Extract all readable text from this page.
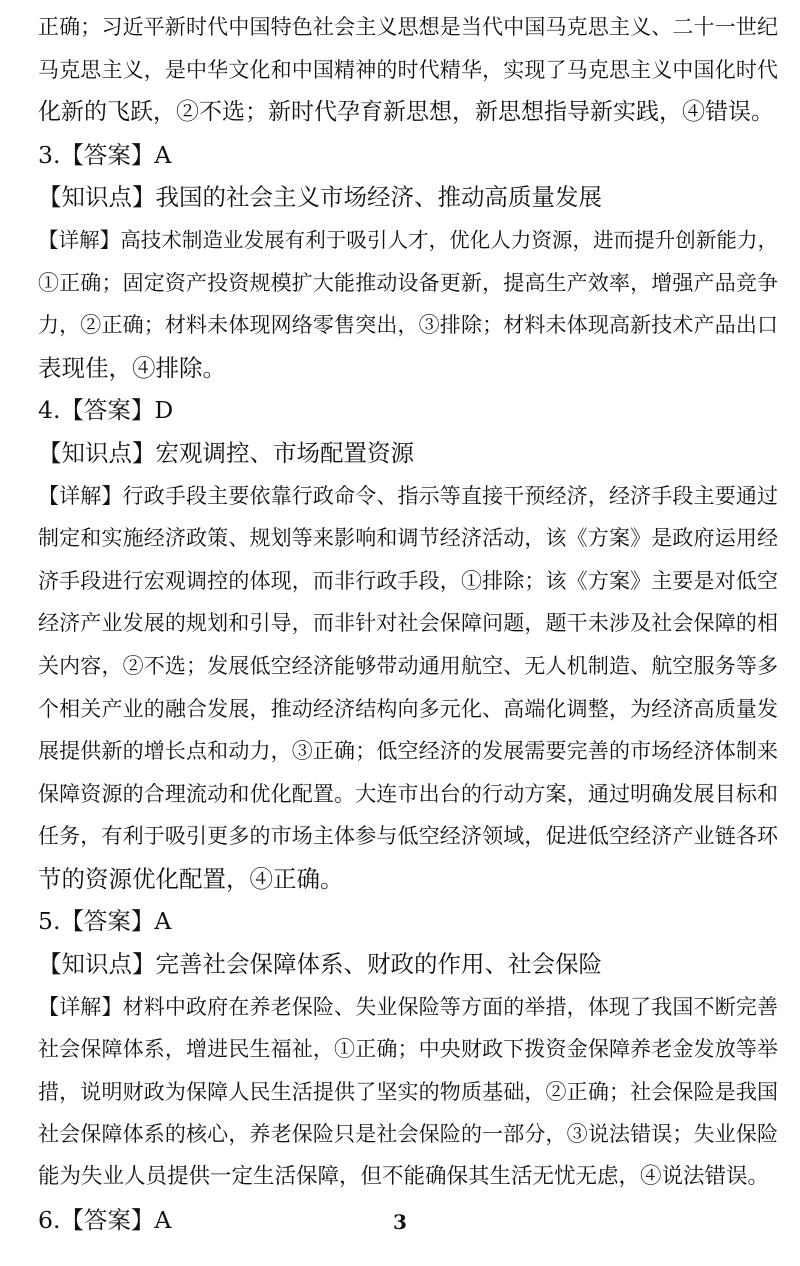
正确；习近平新时代中国特色社会主义思想是当代中国马克思主义、二十一世纪
马克思主义，是中华文化和中国精神的时代精华，实现了马克思主义中国化时代
化新的飞跃，②不选；新时代孕育新思想，新思想指导新实践，④错误。
3.【答案】A
【知识点】我国的社会主义市场经济、推动高质量发展
【详解】高技术制造业发展有利于吸引人才，优化人力资源，进而提升创新能力，
①正确；固定资产投资规模扩大能推动设备更新，提高生产效率，增强产品竞争
力，②正确；材料未体现网络零售突出，③排除；材料未体现高新技术产品出口
表现佳，④排除。
4.【答案】D
【知识点】宏观调控、市场配置资源
【详解】行政手段主要依靠行政命令、指示等直接干预经济，经济手段主要通过
制定和实施经济政策、规划等来影响和调节经济活动，该《方案》是政府运用经
济手段进行宏观调控的体现，而非行政手段，①排除；该《方案》主要是对低空
经济产业发展的规划和引导，而非针对社会保障问题，题干未涉及社会保障的相
关内容，②不选；发展低空经济能够带动通用航空、无人机制造、航空服务等多
个相关产业的融合发展，推动经济结构向多元化、高端化调整，为经济高质量发
展提供新的增长点和动力，③正确；低空经济的发展需要完善的市场经济体制来
保障资源的合理流动和优化配置。大连市出台的行动方案，通过明确发展目标和
任务，有利于吸引更多的市场主体参与低空经济领域，促进低空经济产业链各环
节的资源优化配置，④正确。
5.【答案】A
【知识点】完善社会保障体系、财政的作用、社会保险
【详解】材料中政府在养老保险、失业保险等方面的举措，体现了我国不断完善
社会保障体系，增进民生福祉，①正确；中央财政下拨资金保障养老金发放等举
措，说明财政为保障人民生活提供了坚实的物质基础，②正确；社会保险是我国
社会保障体系的核心，养老保险只是社会保险的一部分，③说法错误；失业保险
能为失业人员提供一定生活保障，但不能确保其生活无忧无虑，④说法错误。
6.【答案】A	3
